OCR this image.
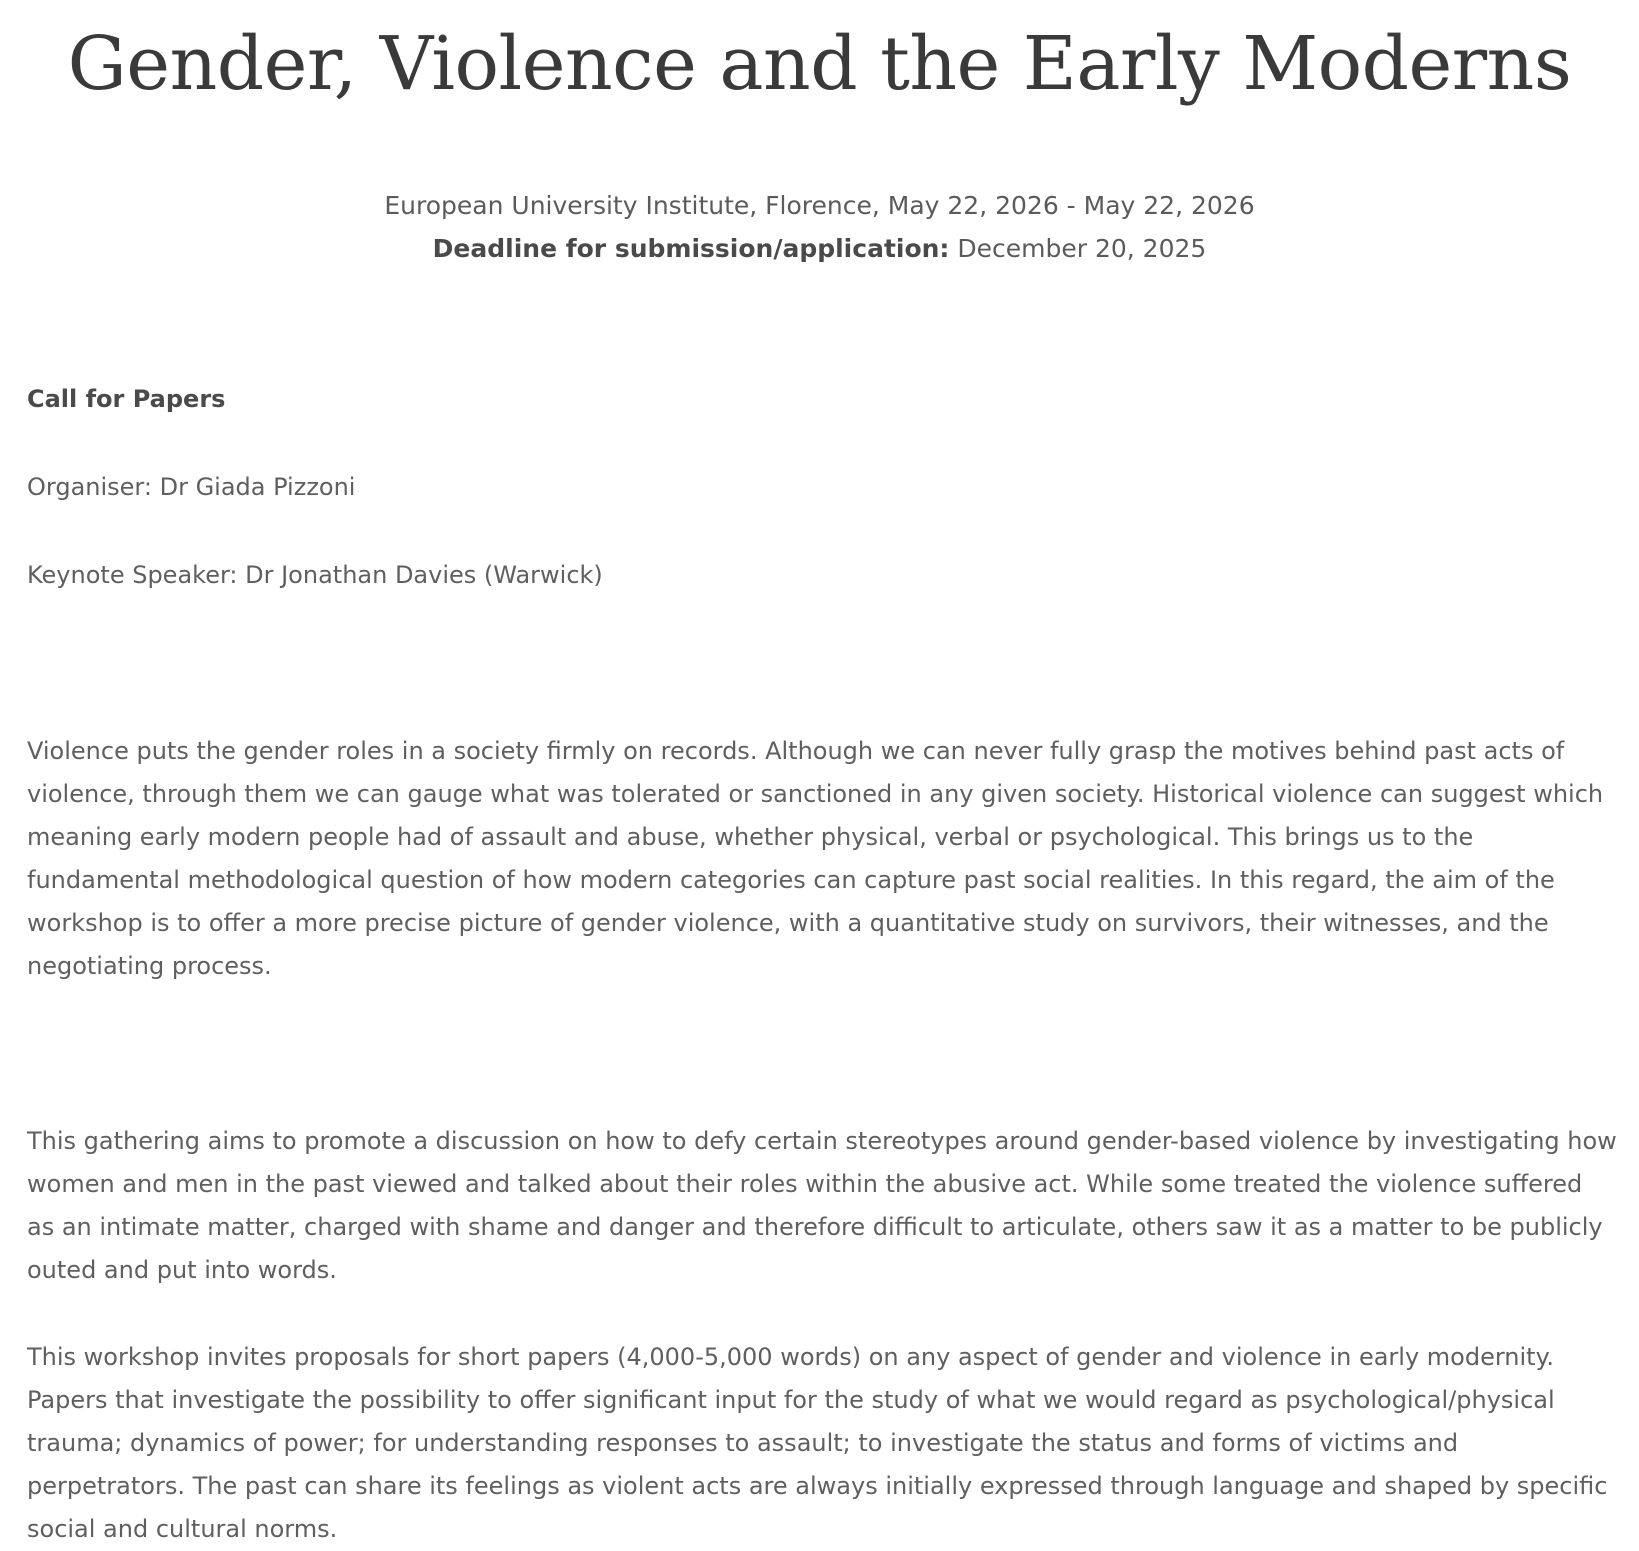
Gender, Violence and the Early Moderns
European University Institute, Florence, May 22, 2026 - May 22, 2026
Deadline for submission/application: December 20, 2025

Call for Papers

Organiser: Dr Giada Pizzoni

Keynote Speaker: Dr Jonathan Davies (Warwick)

Violence puts the gender roles in a society firmly on records. Although we can never fully grasp the motives behind past acts of violence, through them we can gauge what was tolerated or sanctioned in any given society. Historical violence can suggest which meaning early modern people had of assault and abuse, whether physical, verbal or psychological. This brings us to the fundamental methodological question of how modern categories can capture past social realities. In this regard, the aim of the workshop is to offer a more precise picture of gender violence, with a quantitative study on survivors, their witnesses, and the negotiating process.

This gathering aims to promote a discussion on how to defy certain stereotypes around gender-based violence by investigating how women and men in the past viewed and talked about their roles within the abusive act. While some treated the violence suffered as an intimate matter, charged with shame and danger and therefore difficult to articulate, others saw it as a matter to be publicly outed and put into words.

This workshop invites proposals for short papers (4,000-5,000 words) on any aspect of gender and violence in early modernity. Papers that investigate the possibility to offer significant input for the study of what we would regard as psychological/physical trauma; dynamics of power; for understanding responses to assault; to investigate the status and forms of victims and perpetrators. The past can share its feelings as violent acts are always initially expressed through language and shaped by specific social and cultural norms.
